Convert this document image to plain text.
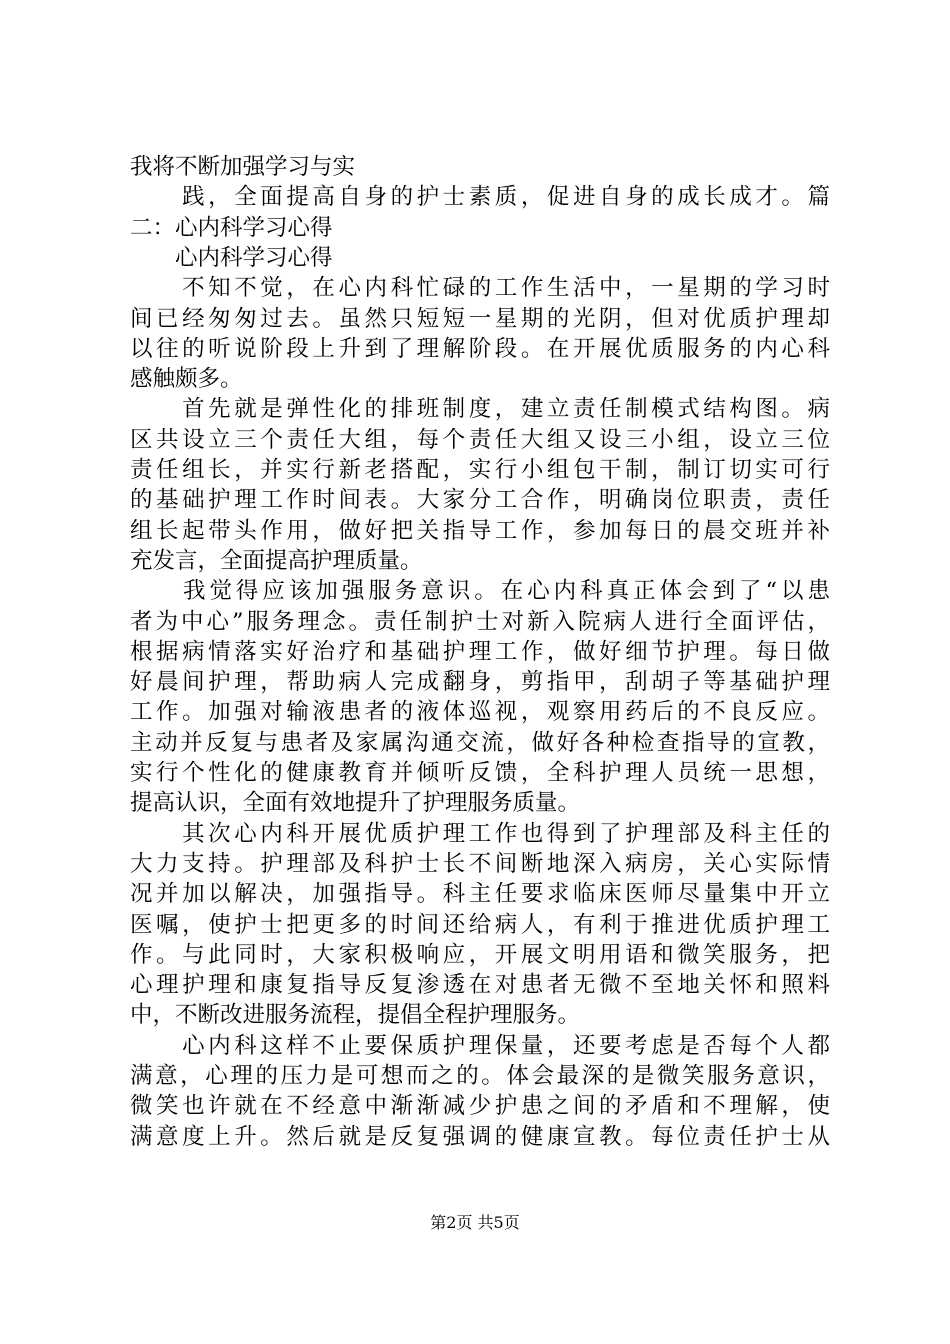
我将不断加强学习与实
　　践，全面提高自身的护士素质，促进自身的成长成才。篇
二：心内科学习心得
　　心内科学习心得
　　不知不觉，在心内科忙碌的工作生活中，一星期的学习时
间已经匆匆过去。虽然只短短一星期的光阴，但对优质护理却
以往的听说阶段上升到了理解阶段。在开展优质服务的内心科
感触颇多。
　　首先就是弹性化的排班制度，建立责任制模式结构图。病
区共设立三个责任大组，每个责任大组又设三小组，设立三位
责任组长，并实行新老搭配，实行小组包干制，制订切实可行
的基础护理工作时间表。大家分工合作，明确岗位职责，责任
组长起带头作用，做好把关指导工作，参加每日的晨交班并补
充发言，全面提高护理质量。
　　我觉得应该加强服务意识。在心内科真正体会到了“以患
者为中心”服务理念。责任制护士对新入院病人进行全面评估，
根据病情落实好治疗和基础护理工作，做好细节护理。每日做
好晨间护理，帮助病人完成翻身，剪指甲，刮胡子等基础护理
工作。加强对输液患者的液体巡视，观察用药后的不良反应。
主动并反复与患者及家属沟通交流，做好各种检查指导的宣教，
实行个性化的健康教育并倾听反馈，全科护理人员统一思想，
提高认识，全面有效地提升了护理服务质量。
　　其次心内科开展优质护理工作也得到了护理部及科主任的
大力支持。护理部及科护士长不间断地深入病房，关心实际情
况并加以解决，加强指导。科主任要求临床医师尽量集中开立
医嘱，使护士把更多的时间还给病人，有利于推进优质护理工
作。与此同时，大家积极响应，开展文明用语和微笑服务，把
心理护理和康复指导反复渗透在对患者无微不至地关怀和照料
中，不断改进服务流程，提倡全程护理服务。
　　心内科这样不止要保质护理保量，还要考虑是否每个人都
满意，心理的压力是可想而之的。体会最深的是微笑服务意识，
微笑也许就在不经意中渐渐减少护患之间的矛盾和不理解，使
满意度上升。然后就是反复强调的健康宣教。每位责任护士从
第2页 共5页
